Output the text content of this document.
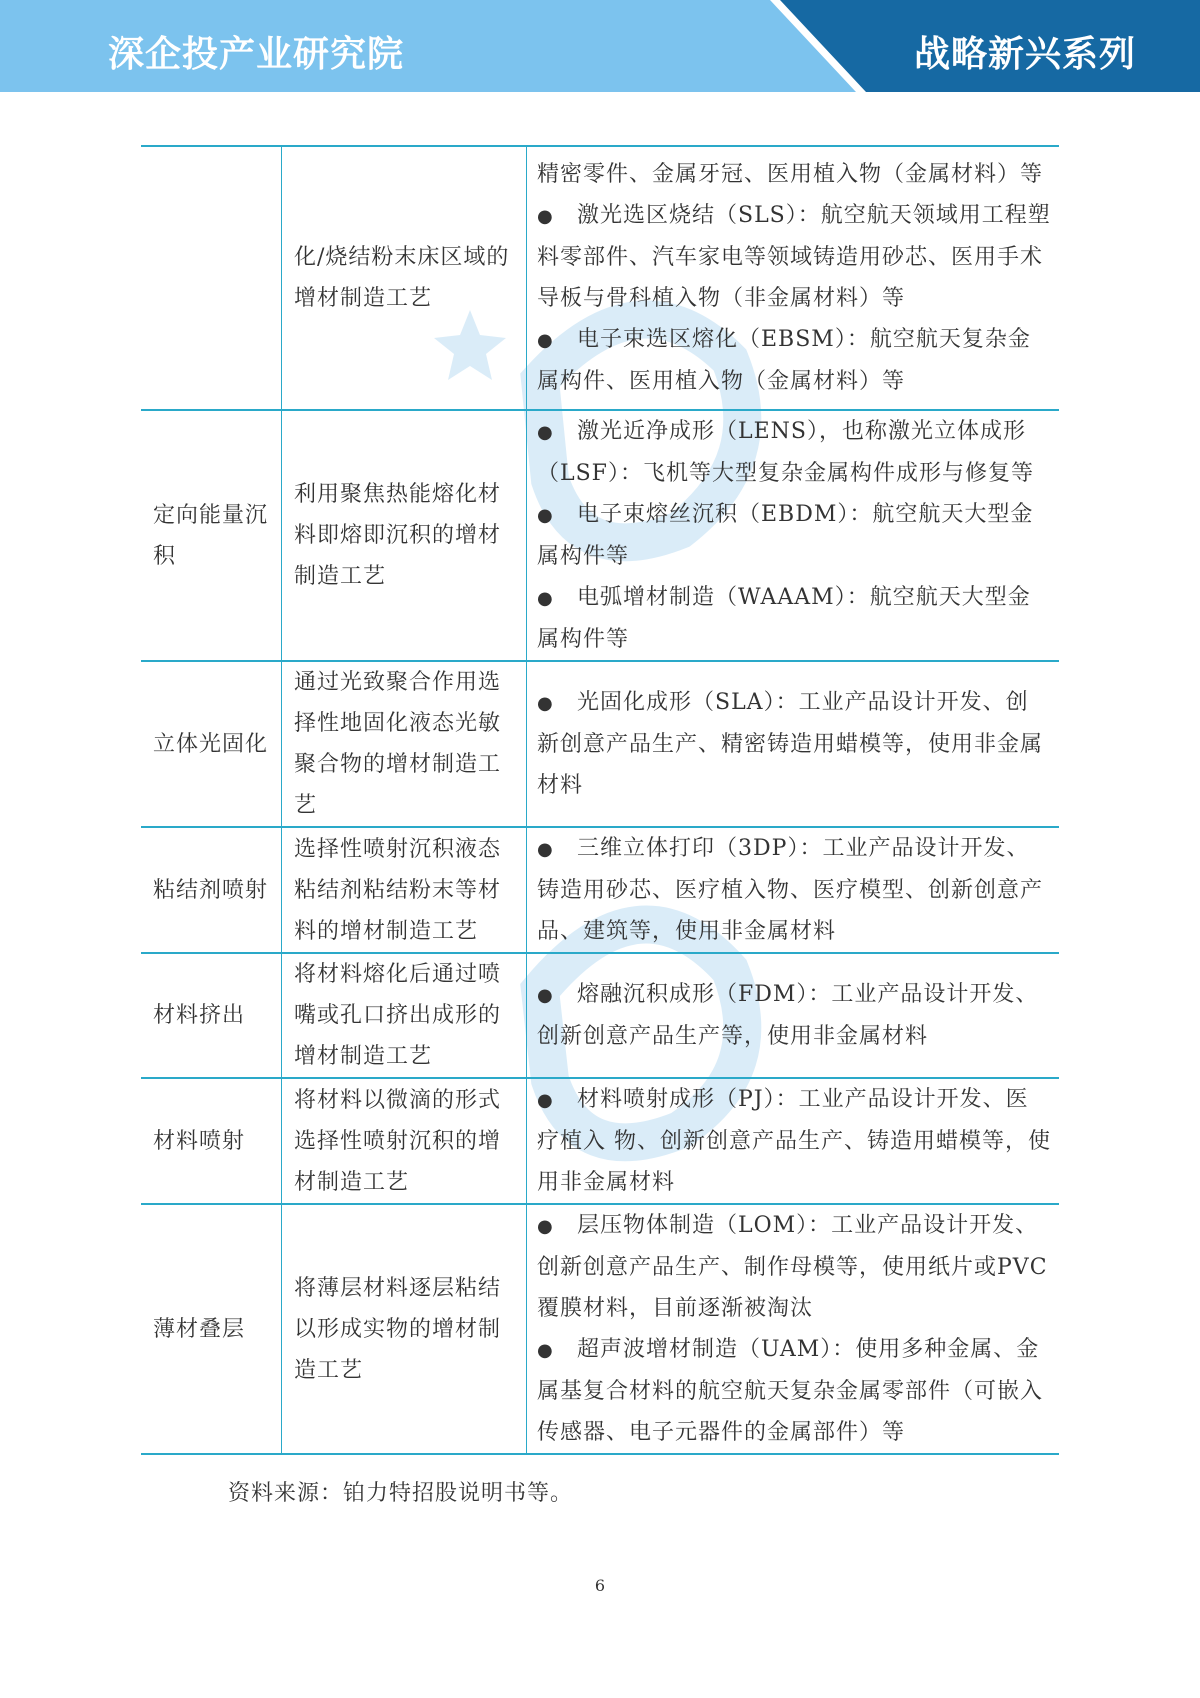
深企投产业研究院	战略新兴系列
	化/烧结粉末床区域的增材制造工艺	精密零件、金属牙冠、医用植入物（金属材料）等
● 激光选区烧结（SLS）：航空航天领域用工程塑料零部件、汽车家电等领域铸造用砂芯、医用手术导板与骨科植入物（非金属材料）等
● 电子束选区熔化（EBSM）：航空航天复杂金属构件、医用植入物（金属材料）等

定向能量沉积	利用聚焦热能熔化材料即熔即沉积的增材制造工艺	● 激光近净成形（LENS），也称激光立体成形（LSF）：飞机等大型复杂金属构件成形与修复等
● 电子束熔丝沉积（EBDM）：航空航天大型金属构件等
● 电弧增材制造（WAAAM）：航空航天大型金属构件等

立体光固化	通过光致聚合作用选择性地固化液态光敏聚合物的增材制造工艺	● 光固化成形（SLA）：工业产品设计开发、创新创意产品生产、精密铸造用蜡模等，使用非金属材料

粘结剂喷射	选择性喷射沉积液态粘结剂粘结粉末等材料的增材制造工艺	● 三维立体打印（3DP）：工业产品设计开发、铸造用砂芯、医疗植入物、医疗模型、创新创意产品、建筑等，使用非金属材料

材料挤出	将材料熔化后通过喷嘴或孔口挤出成形的增材制造工艺	● 熔融沉积成形（FDM）：工业产品设计开发、创新创意产品生产等，使用非金属材料

材料喷射	将材料以微滴的形式选择性喷射沉积的增材制造工艺	● 材料喷射成形（PJ）：工业产品设计开发、医疗植入 物、创新创意产品生产、铸造用蜡模等，使用非金属材料

薄材叠层	将薄层材料逐层粘结以形成实物的增材制造工艺	● 层压物体制造（LOM）：工业产品设计开发、创新创意产品生产、制作母模等，使用纸片或PVC覆膜材料，目前逐渐被淘汰
● 超声波增材制造（UAM）：使用多种金属、金属基复合材料的航空航天复杂金属零部件（可嵌入传感器、电子元器件的金属部件）等
资料来源：铂力特招股说明书等。
6
